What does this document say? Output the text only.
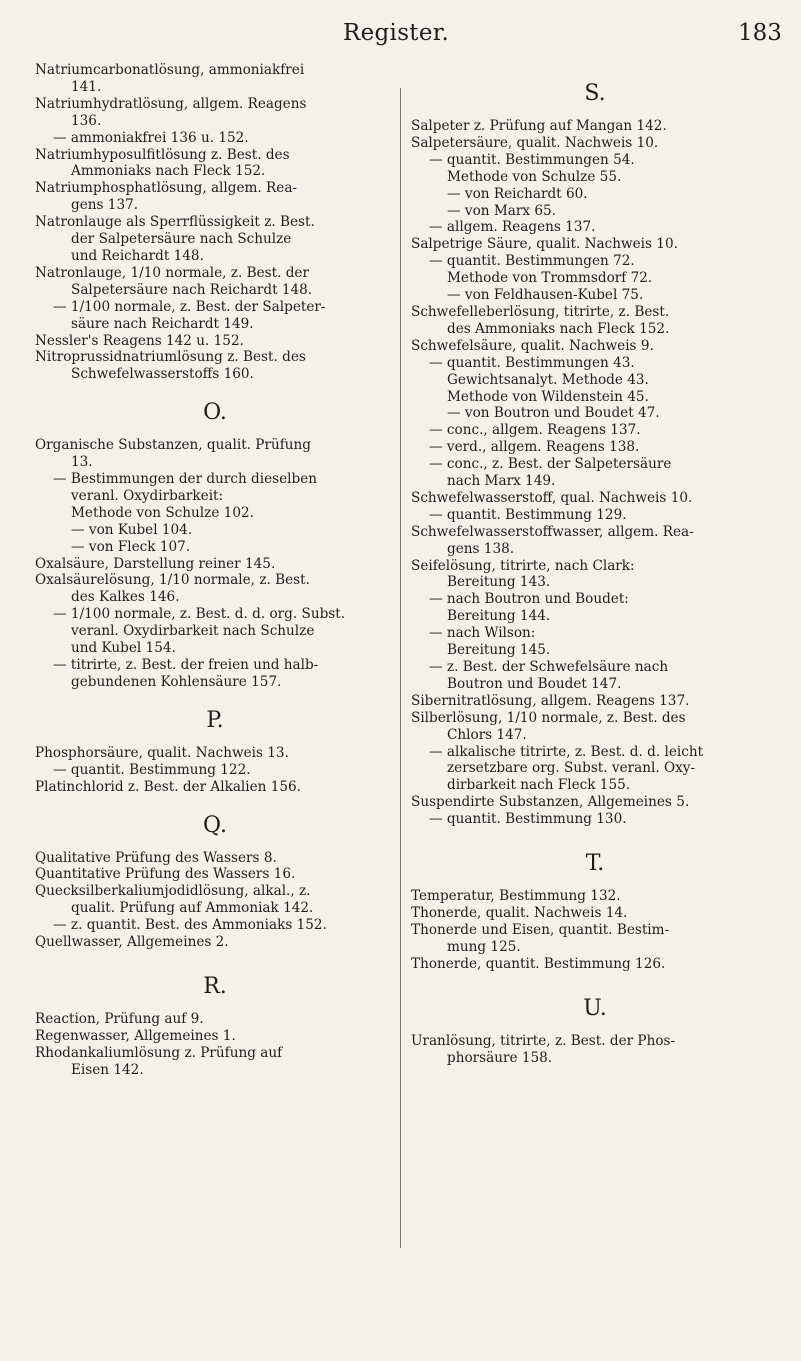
Register.	183

Natriumcarbonatlösung, ammoniakfrei

141.

Natriumhydratlösung, allgem. Reagens

136.

— ammoniakfrei 136 u. 152.

Natriumhyposulfitlösung z. Best. des

Ammoniaks nach Fleck 152.

Natriumphosphatlösung, allgem. Rea-

gens 137.

Natronlauge als Sperrflüssigkeit z. Best.

der Salpetersäure nach Schulze

und Reichardt 148.

Natronlauge, 1/10 normale, z. Best. der

Salpetersäure nach Reichardt 148.

— 1/100 normale, z. Best. der Salpeter-

säure nach Reichardt 149.

Nessler's Reagens 142 u. 152.

Nitroprussidnatriumlösung z. Best. des

Schwefelwasserstoffs 160.

O.

Organische Substanzen, qualit. Prüfung

13.

— Bestimmungen der durch dieselben

veranl. Oxydirbarkeit:

Methode von Schulze 102.

— von Kubel 104.

— von Fleck 107.

Oxalsäure, Darstellung reiner 145.

Oxalsäurelösung, 1/10 normale, z. Best.

des Kalkes 146.

— 1/100 normale, z. Best. d. d. org. Subst.

veranl. Oxydirbarkeit nach Schulze

und Kubel 154.

— titrirte, z. Best. der freien und halb-

gebundenen Kohlensäure 157.

P.

Phosphorsäure, qualit. Nachweis 13.

— quantit. Bestimmung 122.

Platinchlorid z. Best. der Alkalien 156.

Q.

Qualitative Prüfung des Wassers 8.

Quantitative Prüfung des Wassers 16.

Quecksilberkaliumjodidlösung, alkal., z.

qualit. Prüfung auf Ammoniak 142.

— z. quantit. Best. des Ammoniaks 152.

Quellwasser, Allgemeines 2.

R.

Reaction, Prüfung auf 9.

Regenwasser, Allgemeines 1.

Rhodankaliumlösung z. Prüfung auf

Eisen 142.

S.

Salpeter z. Prüfung auf Mangan 142.

Salpetersäure, qualit. Nachweis 10.

— quantit. Bestimmungen 54.

Methode von Schulze 55.

— von Reichardt 60.

— von Marx 65.

— allgem. Reagens 137.

Salpetrige Säure, qualit. Nachweis 10.

— quantit. Bestimmungen 72.

Methode von Trommsdorf 72.

— von Feldhausen-Kubel 75.

Schwefelleberlösung, titrirte, z. Best.

des Ammoniaks nach Fleck 152.

Schwefelsäure, qualit. Nachweis 9.

— quantit. Bestimmungen 43.

Gewichtsanalyt. Methode 43.

Methode von Wildenstein 45.

— von Boutron und Boudet 47.

— conc., allgem. Reagens 137.

— verd., allgem. Reagens 138.

— conc., z. Best. der Salpetersäure

nach Marx 149.

Schwefelwasserstoff, qual. Nachweis 10.

— quantit. Bestimmung 129.

Schwefelwasserstoffwasser, allgem. Rea-

gens 138.

Seifelösung, titrirte, nach Clark:

Bereitung 143.

— nach Boutron und Boudet:

Bereitung 144.

— nach Wilson:

Bereitung 145.

— z. Best. der Schwefelsäure nach

Boutron und Boudet 147.

Sibernitratlösung, allgem. Reagens 137.

Silberlösung, 1/10 normale, z. Best. des

Chlors 147.

— alkalische titrirte, z. Best. d. d. leicht

zersetzbare org. Subst. veranl. Oxy-

dirbarkeit nach Fleck 155.

Suspendirte Substanzen, Allgemeines 5.

— quantit. Bestimmung 130.

T.

Temperatur, Bestimmung 132.

Thonerde, qualit. Nachweis 14.

Thonerde und Eisen, quantit. Bestim-

mung 125.

Thonerde, quantit. Bestimmung 126.

U.

Uranlösung, titrirte, z. Best. der Phos-

phorsäure 158.
